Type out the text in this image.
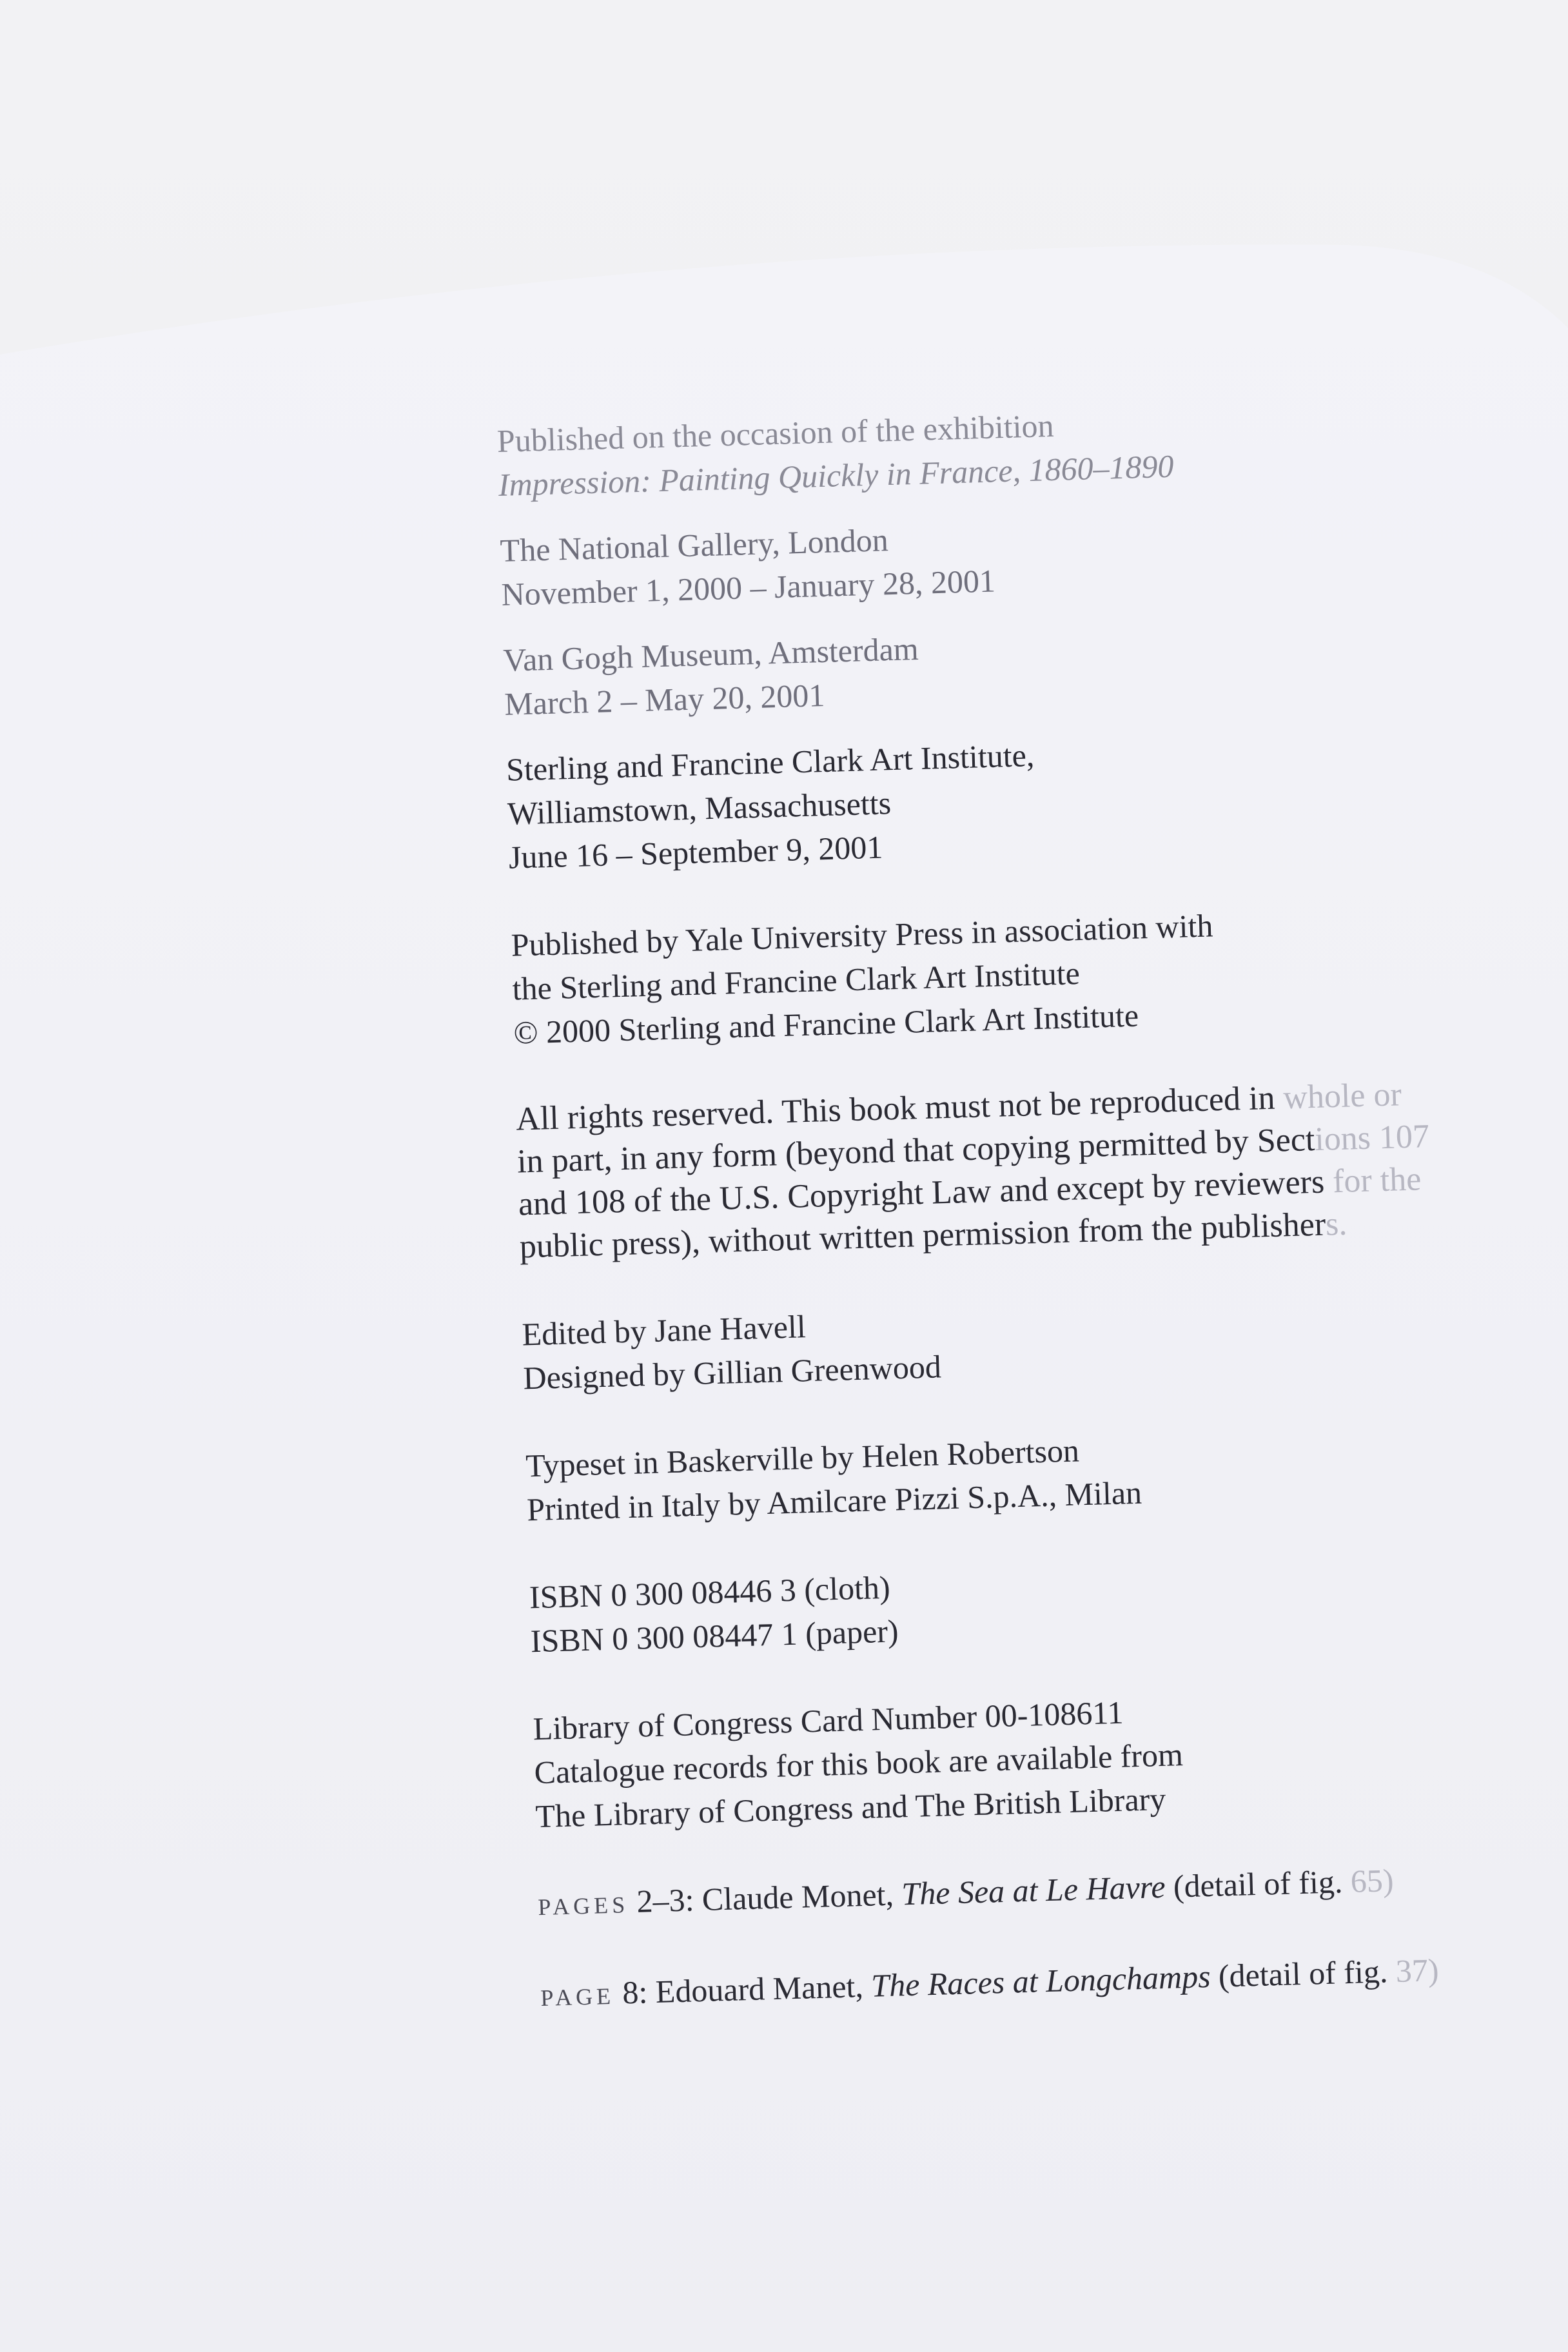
Published on the occasion of the exhibition
Impression: Painting Quickly in France, 1860–1890
The National Gallery, London
November 1, 2000 – January 28, 2001
Van Gogh Museum, Amsterdam
March 2 – May 20, 2001
Sterling and Francine Clark Art Institute,
Williamstown, Massachusetts
June 16 – September 9, 2001
Published by Yale University Press in association with
the Sterling and Francine Clark Art Institute
© 2000 Sterling and Francine Clark Art Institute
All rights reserved. This book must not be reproduced in whole or
in part, in any form (beyond that copying permitted by Sections 107
and 108 of the U.S. Copyright Law and except by reviewers for the
public press), without written permission from the publishers.
Edited by Jane Havell
Designed by Gillian Greenwood
Typeset in Baskerville by Helen Robertson
Printed in Italy by Amilcare Pizzi S.p.A., Milan
ISBN 0 300 08446 3 (cloth)
ISBN 0 300 08447 1 (paper)
Library of Congress Card Number 00-108611
Catalogue records for this book are available from
The Library of Congress and The British Library
PAGES 2–3: Claude Monet, The Sea at Le Havre (detail of fig. 65)
PAGE 8: Edouard Manet, The Races at Longchamps (detail of fig. 37)
